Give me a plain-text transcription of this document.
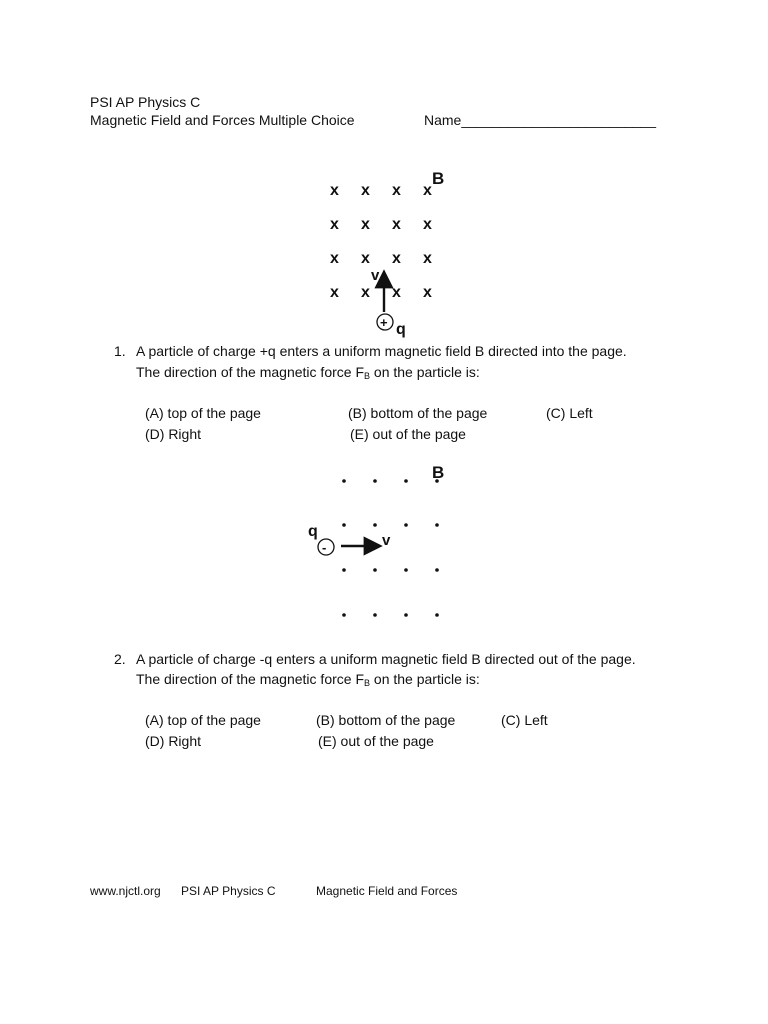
PSI AP Physics C
Magnetic Field and Forces Multiple Choice	Name_________________________
x x x x
x x x x
x x x x
x x x x
B
v
+ q
1. A particle of charge +q enters a uniform magnetic field B directed into the page.
The direction of the magnetic force $F_B$ on the particle is:
(A) top of the page	(B) bottom of the page	(C) Left
(D) Right	(E) out of the page
B
q
-	v
2. A particle of charge -q enters a uniform magnetic field B directed out of the page.
The direction of the magnetic force $F_B$ on the particle is:
(A) top of the page	(B) bottom of the page	(C) Left
(D) Right	(E) out of the page
www.njctl.org PSI AP Physics C	Magnetic Field and Forces
